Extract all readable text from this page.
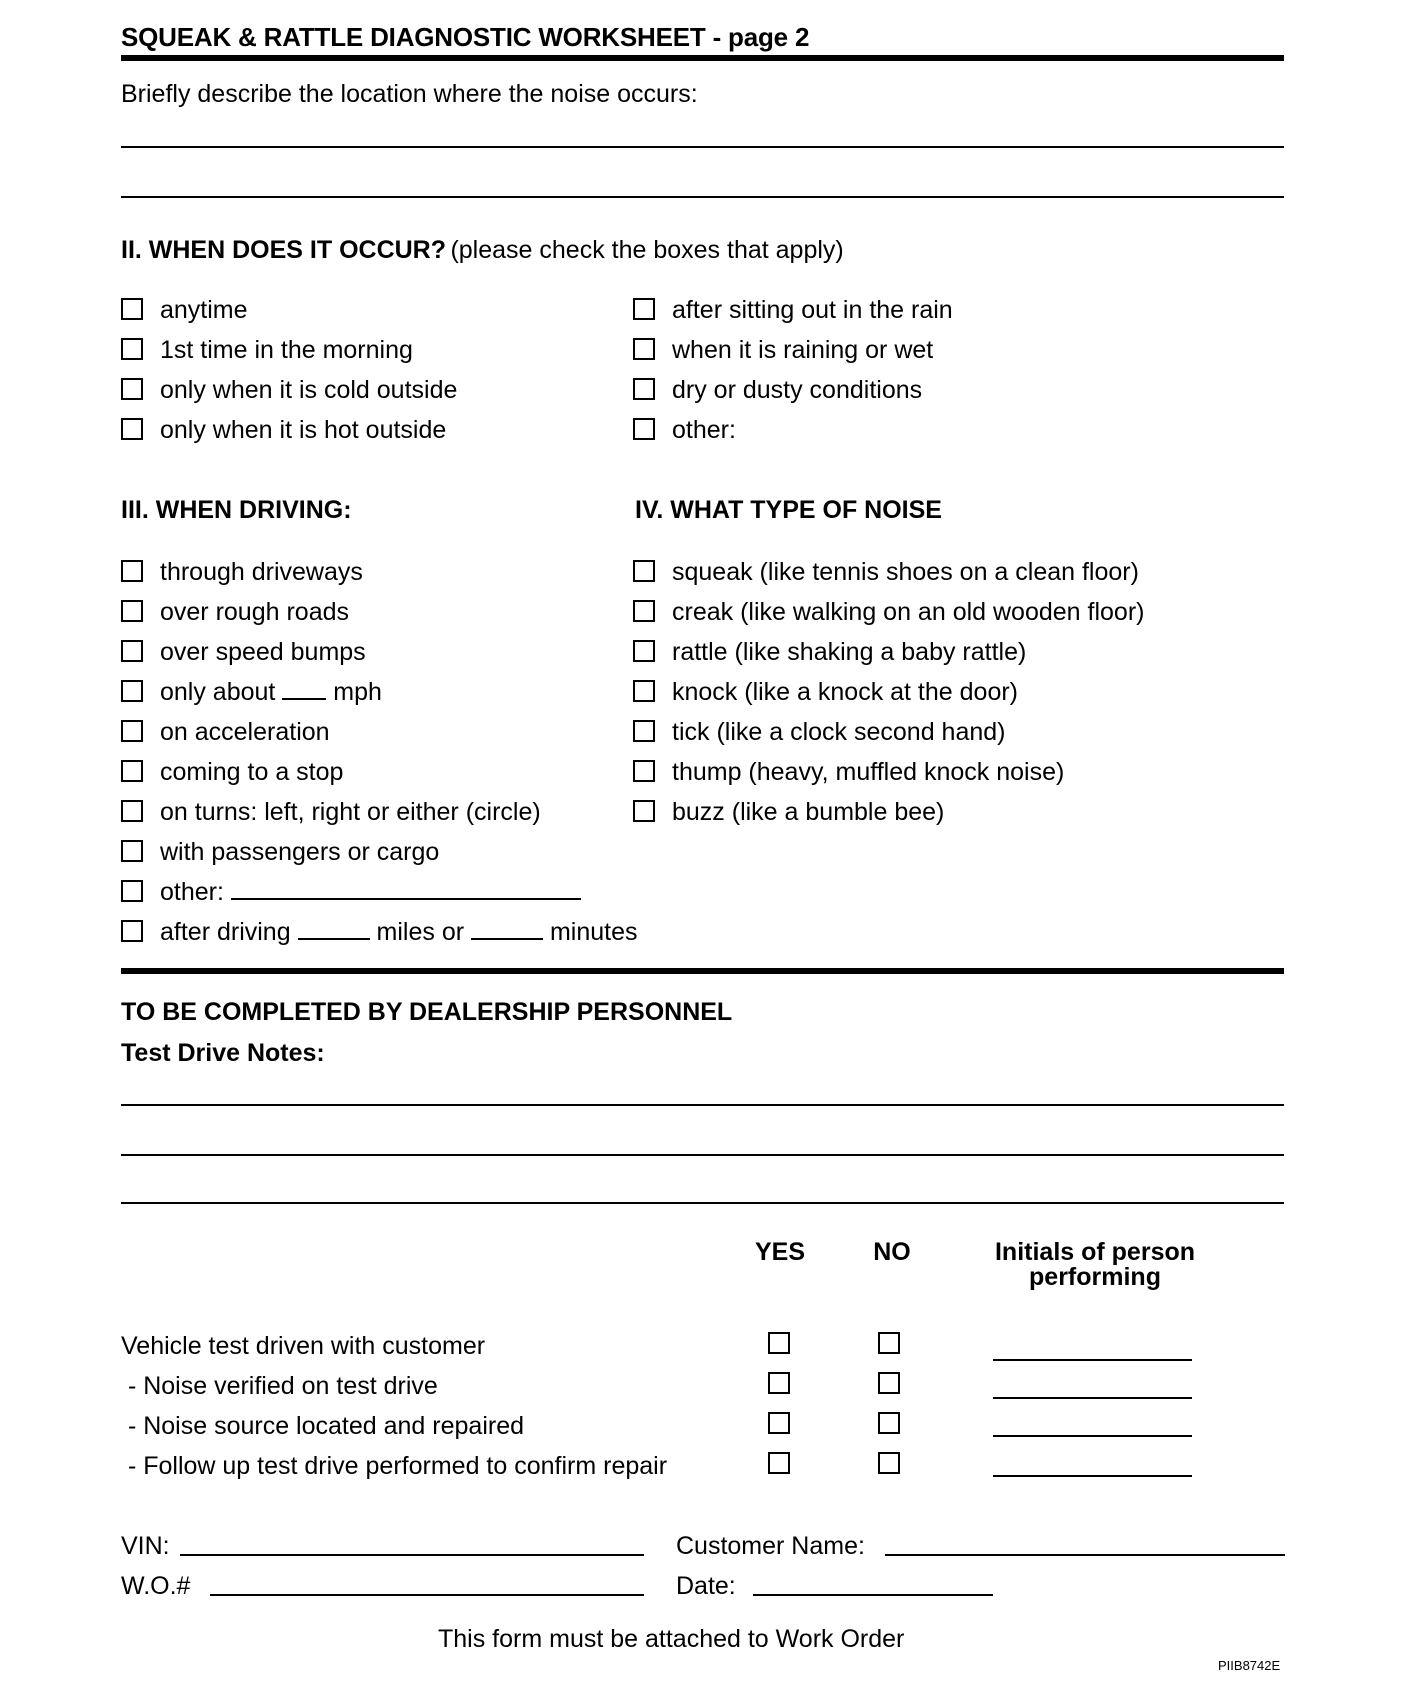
SQUEAK & RATTLE DIAGNOSTIC WORKSHEET - page 2
Briefly describe the location where the noise occurs:
II. WHEN DOES IT OCCUR? (please check the boxes that apply)
anytime
1st time in the morning
only when it is cold outside
only when it is hot outside
after sitting out in the rain
when it is raining or wet
dry or dusty conditions
other:
III. WHEN DRIVING:	IV. WHAT TYPE OF NOISE
through driveways
over rough roads
over speed bumps
only about mph
on acceleration
coming to a stop
on turns: left, right or either (circle)
with passengers or cargo
other:
after driving	miles or	minutes
squeak (like tennis shoes on a clean floor)
creak (like walking on an old wooden floor)
rattle (like shaking a baby rattle)
knock (like a knock at the door)
tick (like a clock second hand)
thump (heavy, muffled knock noise)
buzz (like a bumble bee)
TO BE COMPLETED BY DEALERSHIP PERSONNEL
Test Drive Notes:
YES	NO	Initials of person
performing
Vehicle test driven with customer
- Noise verified on test drive
- Noise source located and repaired
- Follow up test drive performed to confirm repair
VIN:	Customer Name:
W.O.#	Date:
This form must be attached to Work Order
PIIB8742E
